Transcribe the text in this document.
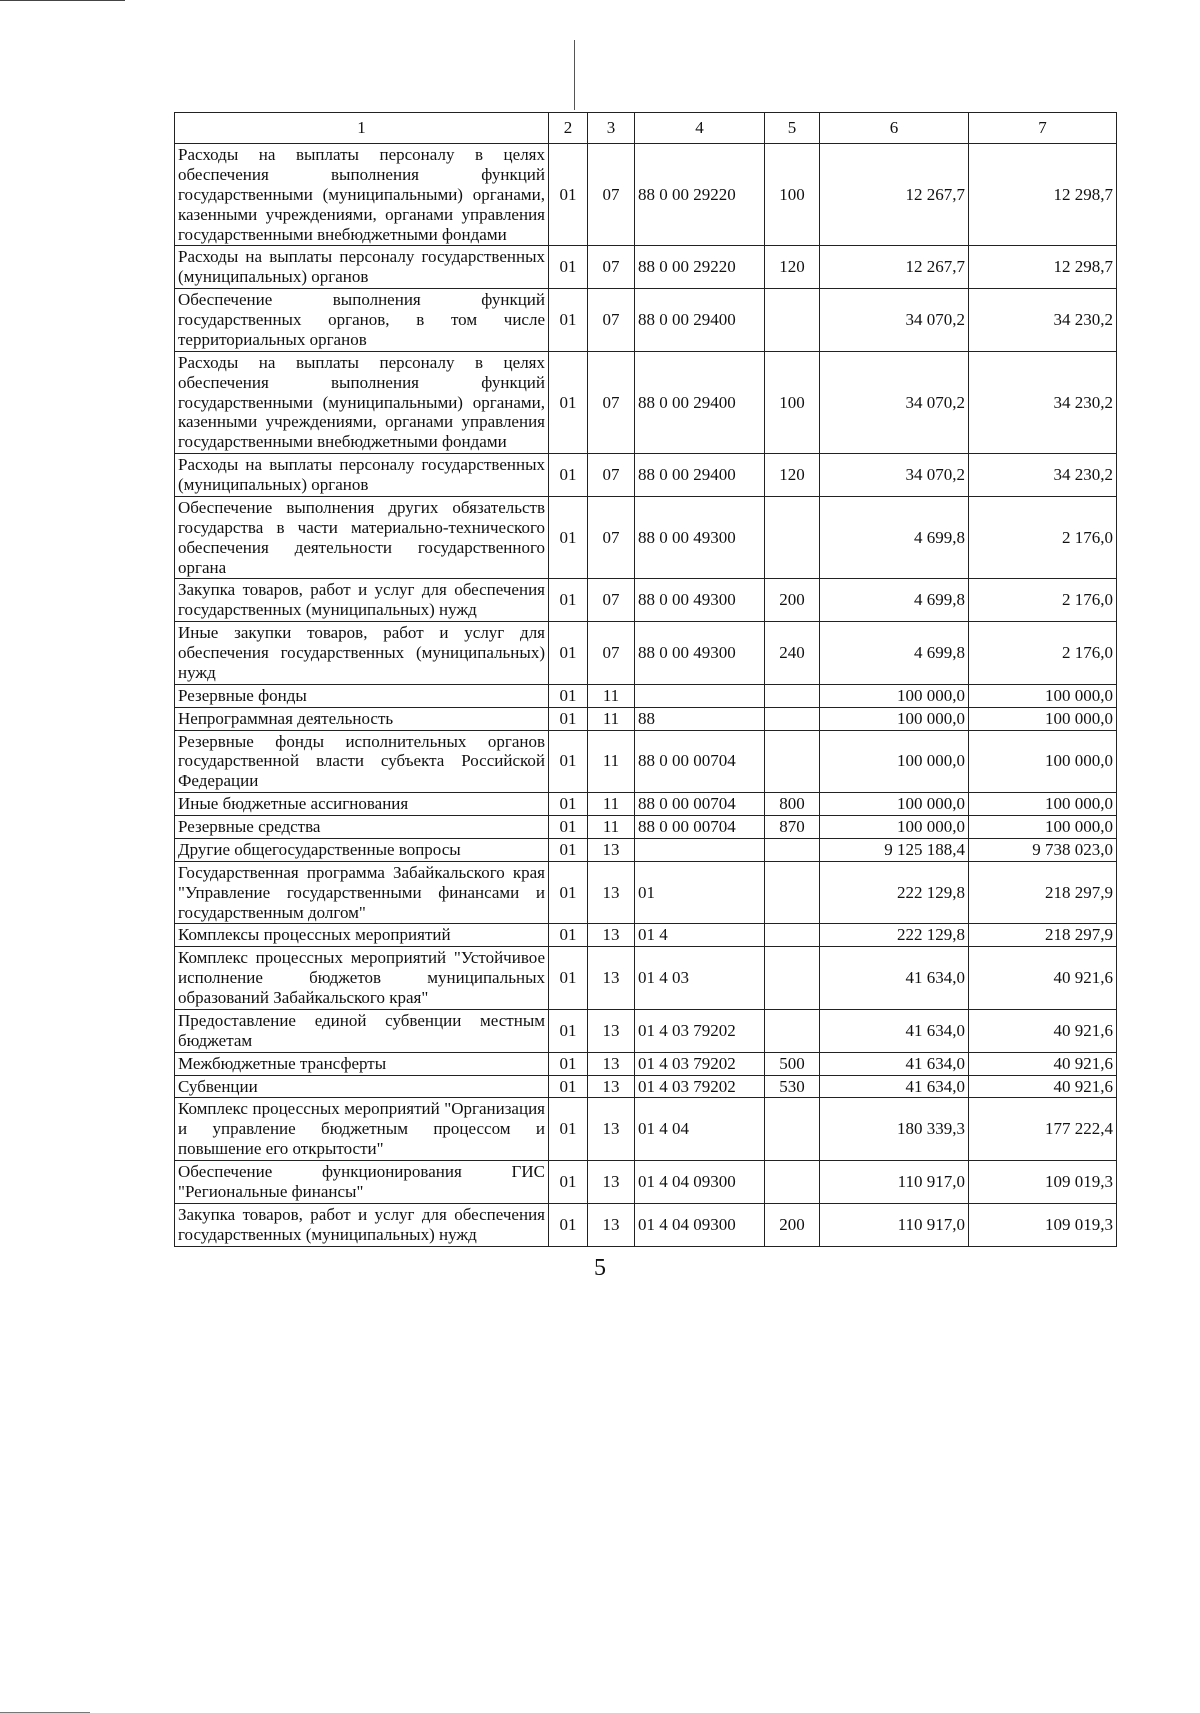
1	2	3	4	5	6	7
Расходы на выплаты персоналу в целях обеспечения выполнения функций государственными (муниципальными) органами, казенными учреждениями, органами управления государственными внебюджетными фондами	01	07	88 0 00 29220	100	12 267,7	12 298,7
Расходы на выплаты персоналу государственных (муниципальных) органов	01	07	88 0 00 29220	120	12 267,7	12 298,7
Обеспечение выполнения функций государственных органов, в том числе территориальных органов	01	07	88 0 00 29400		34 070,2	34 230,2
Расходы на выплаты персоналу в целях обеспечения выполнения функций государственными (муниципальными) органами, казенными учреждениями, органами управления государственными внебюджетными фондами	01	07	88 0 00 29400	100	34 070,2	34 230,2
Расходы на выплаты персоналу государственных (муниципальных) органов	01	07	88 0 00 29400	120	34 070,2	34 230,2
Обеспечение выполнения других обязательств государства в части материально-технического обеспечения деятельности государственного органа	01	07	88 0 00 49300		4 699,8	2 176,0
Закупка товаров, работ и услуг для обеспечения государственных (муниципальных) нужд	01	07	88 0 00 49300	200	4 699,8	2 176,0
Иные закупки товаров, работ и услуг для обеспечения государственных (муниципальных) нужд	01	07	88 0 00 49300	240	4 699,8	2 176,0
Резервные фонды	01	11			100 000,0	100 000,0
Непрограммная деятельность	01	11	88		100 000,0	100 000,0
Резервные фонды исполнительных органов государственной власти субъекта Российской Федерации	01	11	88 0 00 00704		100 000,0	100 000,0
Иные бюджетные ассигнования	01	11	88 0 00 00704	800	100 000,0	100 000,0
Резервные средства	01	11	88 0 00 00704	870	100 000,0	100 000,0
Другие общегосударственные вопросы	01	13			9 125 188,4	9 738 023,0
Государственная программа Забайкальского края "Управление государственными финансами и государственным долгом"	01	13	01		222 129,8	218 297,9
Комплексы процессных мероприятий	01	13	01 4		222 129,8	218 297,9
Комплекс процессных мероприятий "Устойчивое исполнение бюджетов муниципальных образований Забайкальского края"	01	13	01 4 03		41 634,0	40 921,6
Предоставление единой субвенции местным бюджетам	01	13	01 4 03 79202		41 634,0	40 921,6
Межбюджетные трансферты	01	13	01 4 03 79202	500	41 634,0	40 921,6
Субвенции	01	13	01 4 03 79202	530	41 634,0	40 921,6
Комплекс процессных мероприятий "Организация и управление бюджетным процессом и повышение его открытости"	01	13	01 4 04		180 339,3	177 222,4
Обеспечение функционирования ГИС "Региональные финансы"	01	13	01 4 04 09300		110 917,0	109 019,3
Закупка товаров, работ и услуг для обеспечения государственных (муниципальных) нужд	01	13	01 4 04 09300	200	110 917,0	109 019,3
5
